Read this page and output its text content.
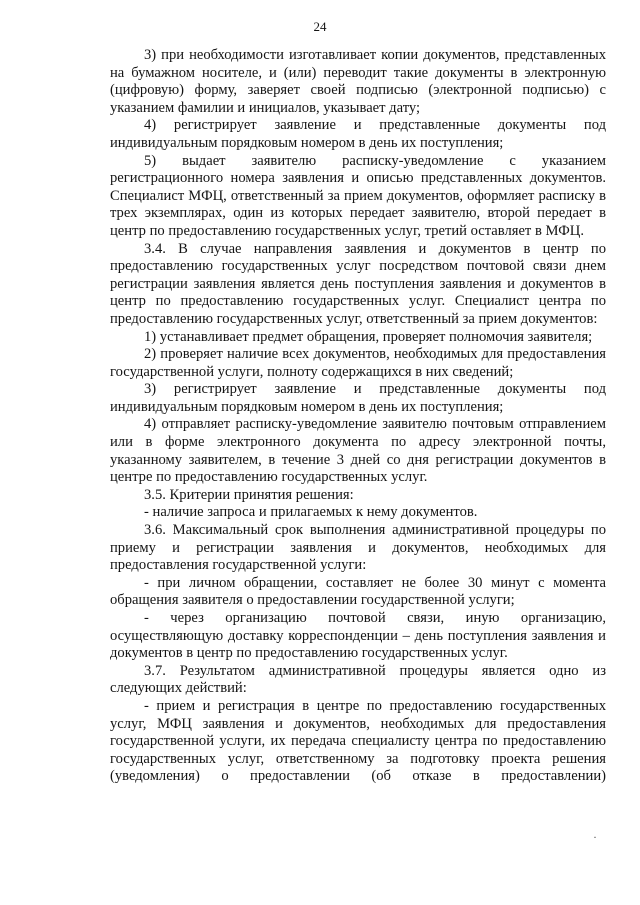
24

3) при необходимости изготавливает копии документов, представленных на бумажном носителе, и (или) переводит такие документы в электронную (цифровую) форму, заверяет своей подписью (электронной подписью) с указанием фамилии и инициалов, указывает дату;

4) регистрирует заявление и представленные документы под индивидуальным порядковым номером в день их поступления;

5) выдает заявителю расписку-уведомление с указанием регистрационного номера заявления и описью представленных документов. Специалист МФЦ, ответственный за прием документов, оформляет расписку в трех экземплярах, один из которых передает заявителю, второй передает в центр по предоставлению государственных услуг, третий оставляет в МФЦ.

3.4. В случае направления заявления и документов в центр по предоставлению государственных услуг посредством почтовой связи днем регистрации заявления является день поступления заявления и документов в центр по предоставлению государственных услуг. Специалист центра по предоставлению государственных услуг, ответственный за прием документов:

1) устанавливает предмет обращения, проверяет полномочия заявителя;

2) проверяет наличие всех документов, необходимых для предоставления государственной услуги, полноту содержащихся в них сведений;

3) регистрирует заявление и представленные документы под индивидуальным порядковым номером в день их поступления;

4) отправляет расписку-уведомление заявителю почтовым отправлением или в форме электронного документа по адресу электронной почты, указанному заявителем, в течение 3 дней со дня регистрации документов в центре по предоставлению государственных услуг.

3.5. Критерии принятия решения:

- наличие запроса и прилагаемых к нему документов.

3.6. Максимальный срок выполнения административной процедуры по приему и регистрации заявления и документов, необходимых для предоставления государственной услуги:

- при личном обращении, составляет не более 30 минут с момента обращения заявителя о предоставлении государственной услуги;

- через организацию почтовой связи, иную организацию, осуществляющую доставку корреспонденции – день поступления заявления и документов в центр по предоставлению государственных услуг.

3.7. Результатом административной процедуры является одно из следующих действий:

- прием и регистрация в центре по предоставлению государственных услуг, МФЦ заявления и документов, необходимых для предоставления государственной услуги, их передача специалисту центра по предоставлению государственных услуг, ответственному за подготовку проекта решения (уведомления) о предоставлении (об отказе в предоставлении)

·
